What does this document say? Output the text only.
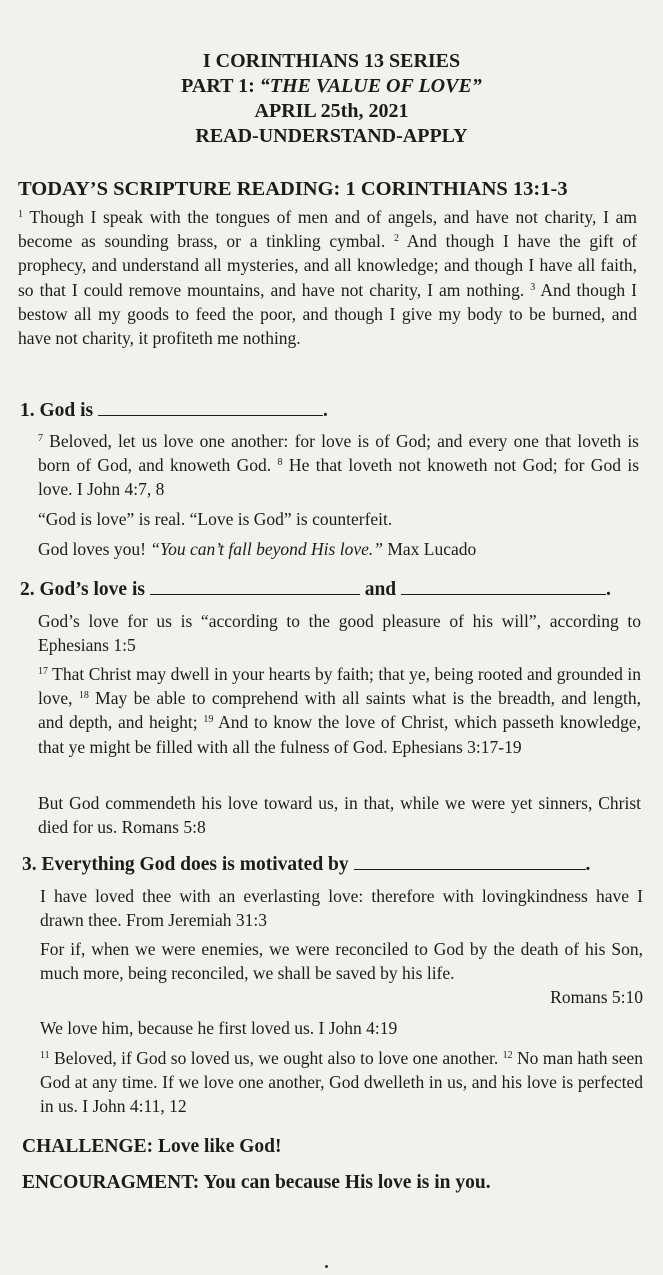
I CORINTHIANS 13 SERIES

PART 1: “THE VALUE OF LOVE”

APRIL 25th, 2021

READ-UNDERSTAND-APPLY

TODAY’S SCRIPTURE READING: 1 CORINTHIANS 13:1-3

$^1$ Though I speak with the tongues of men and of angels, and have not charity, I am become as sounding brass, or a tinkling cymbal. $^2$ And though I have the gift of prophecy, and understand all mysteries, and all knowledge; and though I have all faith, so that I could remove mountains, and have not charity, I am nothing. $^3$ And though I bestow all my goods to feed the poor, and though I give my body to be burned, and have not charity, it profiteth me nothing.

1. God is	.

$^7$ Beloved, let us love one another: for love is of God; and every one that loveth is born of God, and knoweth God. $^8$ He that loveth not knoweth not God; for God is love. I John 4:7, 8

“God is love” is real. “Love is God” is counterfeit.

God loves you! “You can’t fall beyond His love.” Max Lucado

2. God’s love is	and	.

God’s love for us is “according to the good pleasure of his will”, according to Ephesians 1:5

$^{17}$ That Christ may dwell in your hearts by faith; that ye, being rooted and grounded in love, $^{18}$ May be able to comprehend with all saints what is the breadth, and length, and depth, and height; $^{19}$ And to know the love of Christ, which passeth knowledge, that ye might be filled with all the fulness of God. Ephesians 3:17-19

But God commendeth his love toward us, in that, while we were yet sinners, Christ died for us. Romans 5:8

3. Everything God does is motivated by	.

I have loved thee with an everlasting love: therefore with lovingkindness have I drawn thee. From Jeremiah 31:3

For if, when we were enemies, we were reconciled to God by the death of his Son, much more, being reconciled, we shall be saved by his life.
Romans 5:10

We love him, because he first loved us. I John 4:19

$^{11}$ Beloved, if God so loved us, we ought also to love one another. $^{12}$ No man hath seen God at any time. If we love one another, God dwelleth in us, and his love is perfected in us. I John 4:11, 12

CHALLENGE: Love like God!

ENCOURAGMENT: You can because His love is in you.
